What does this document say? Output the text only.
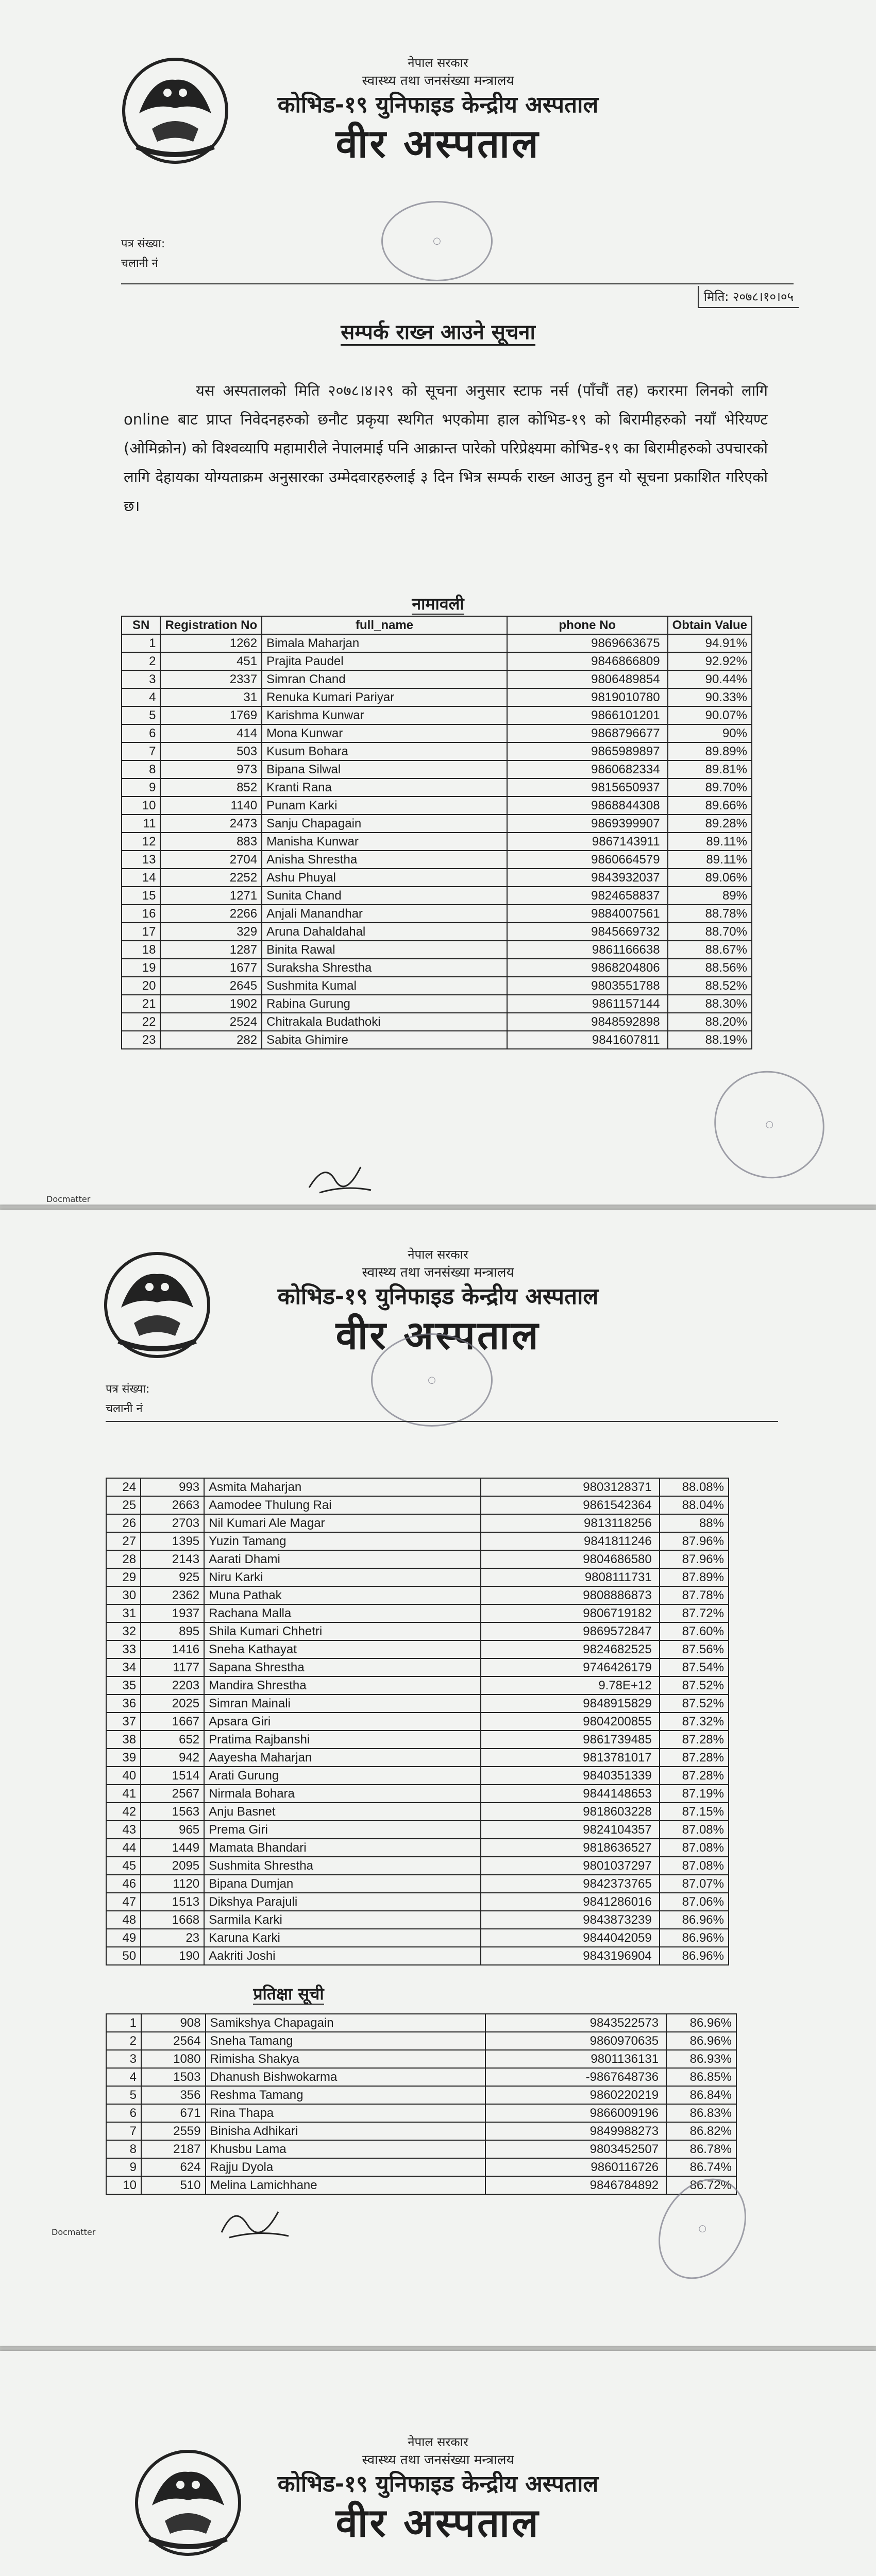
नेपाल सरकार
स्वास्थ्य तथा जनसंख्या मन्त्रालय
कोभिड-१९ युनिफाइड केन्द्रीय अस्पताल
वीर अस्पताल
○
पत्र संख्या:
चलानी नं
मिति: २०७८।१०।०५
सम्पर्क राख्न आउने सूचना
यस अस्पतालको मिति २०७८।४।२९ को सूचना अनुसार स्टाफ नर्स (पाँचौं तह) करारमा लिनको लागि online बाट प्राप्त निवेदनहरुको छनौट प्रकृया स्थगित भएकोमा हाल कोभिड-१९ को बिरामीहरुको नयाँ भेरियण्ट (ओमिक्रोन) को विश्वव्यापि महामारीले नेपालमाई पनि आक्रान्त पारेको परिप्रेक्ष्यमा कोभिड-१९ का बिरामीहरुको उपचारको लागि देहायका योग्यताक्रम अनुसारका उम्मेदवारहरुलाई ३ दिन भित्र सम्पर्क राख्न आउनु हुन यो सूचना प्रकाशित गरिएको छ।
नामावली
SN	Registration No	full_name	phone No	Obtain Value
1	1262	Bimala Maharjan	9869663675	94.91%
2	451	Prajita Paudel	9846866809	92.92%
3	2337	Simran Chand	9806489854	90.44%
4	31	Renuka Kumari Pariyar	9819010780	90.33%
5	1769	Karishma Kunwar	9866101201	90.07%
6	414	Mona Kunwar	9868796677	90%
7	503	Kusum Bohara	9865989897	89.89%
8	973	Bipana Silwal	9860682334	89.81%
9	852	Kranti Rana	9815650937	89.70%
10	1140	Punam Karki	9868844308	89.66%
11	2473	Sanju Chapagain	9869399907	89.28%
12	883	Manisha Kunwar	9867143911	89.11%
13	2704	Anisha Shrestha	9860664579	89.11%
14	2252	Ashu Phuyal	9843932037	89.06%
15	1271	Sunita Chand	9824658837	89%
16	2266	Anjali Manandhar	9884007561	88.78%
17	329	Aruna Dahaldahal	9845669732	88.70%
18	1287	Binita Rawal	9861166638	88.67%
19	1677	Suraksha Shrestha	9868204806	88.56%
20	2645	Sushmita Kumal	9803551788	88.52%
21	1902	Rabina Gurung	9861157144	88.30%
22	2524	Chitrakala Budathoki	9848592898	88.20%
23	282	Sabita Ghimire	9841607811	88.19%
○
Docmatter
नेपाल सरकार
स्वास्थ्य तथा जनसंख्या मन्त्रालय
कोभिड-१९ युनिफाइड केन्द्रीय अस्पताल
वीर अस्पताल
○
पत्र संख्या:
चलानी नं
24	993	Asmita Maharjan	9803128371	88.08%
25	2663	Aamodee Thulung Rai	9861542364	88.04%
26	2703	Nil Kumari Ale Magar	9813118256	88%
27	1395	Yuzin Tamang	9841811246	87.96%
28	2143	Aarati Dhami	9804686580	87.96%
29	925	Niru Karki	9808111731	87.89%
30	2362	Muna Pathak	9808886873	87.78%
31	1937	Rachana Malla	9806719182	87.72%
32	895	Shila Kumari Chhetri	9869572847	87.60%
33	1416	Sneha Kathayat	9824682525	87.56%
34	1177	Sapana Shrestha	9746426179	87.54%
35	2203	Mandira Shrestha	9.78E+12	87.52%
36	2025	Simran Mainali	9848915829	87.52%
37	1667	Apsara Giri	9804200855	87.32%
38	652	Pratima Rajbanshi	9861739485	87.28%
39	942	Aayesha Maharjan	9813781017	87.28%
40	1514	Arati Gurung	9840351339	87.28%
41	2567	Nirmala Bohara	9844148653	87.19%
42	1563	Anju Basnet	9818603228	87.15%
43	965	Prema Giri	9824104357	87.08%
44	1449	Mamata Bhandari	9818636527	87.08%
45	2095	Sushmita Shrestha	9801037297	87.08%
46	1120	Bipana Dumjan	9842373765	87.07%
47	1513	Dikshya Parajuli	9841286016	87.06%
48	1668	Sarmila Karki	9843873239	86.96%
49	23	Karuna Karki	9844042059	86.96%
50	190	Aakriti Joshi	9843196904	86.96%
प्रतिक्षा सूची
1	908	Samikshya Chapagain	9843522573	86.96%
2	2564	Sneha Tamang	9860970635	86.96%
3	1080	Rimisha Shakya	9801136131	86.93%
4	1503	Dhanush Bishwokarma	-9867648736	86.85%
5	356	Reshma Tamang	9860220219	86.84%
6	671	Rina Thapa	9866009196	86.83%
7	2559	Binisha Adhikari	9849988273	86.82%
8	2187	Khusbu Lama	9803452507	86.78%
9	624	Rajju Dyola	9860116726	86.74%
10	510	Melina Lamichhane	9846784892	86.72%
○
Docmatter
नेपाल सरकार
स्वास्थ्य तथा जनसंख्या मन्त्रालय
कोभिड-१९ युनिफाइड केन्द्रीय अस्पताल
वीर अस्पताल
